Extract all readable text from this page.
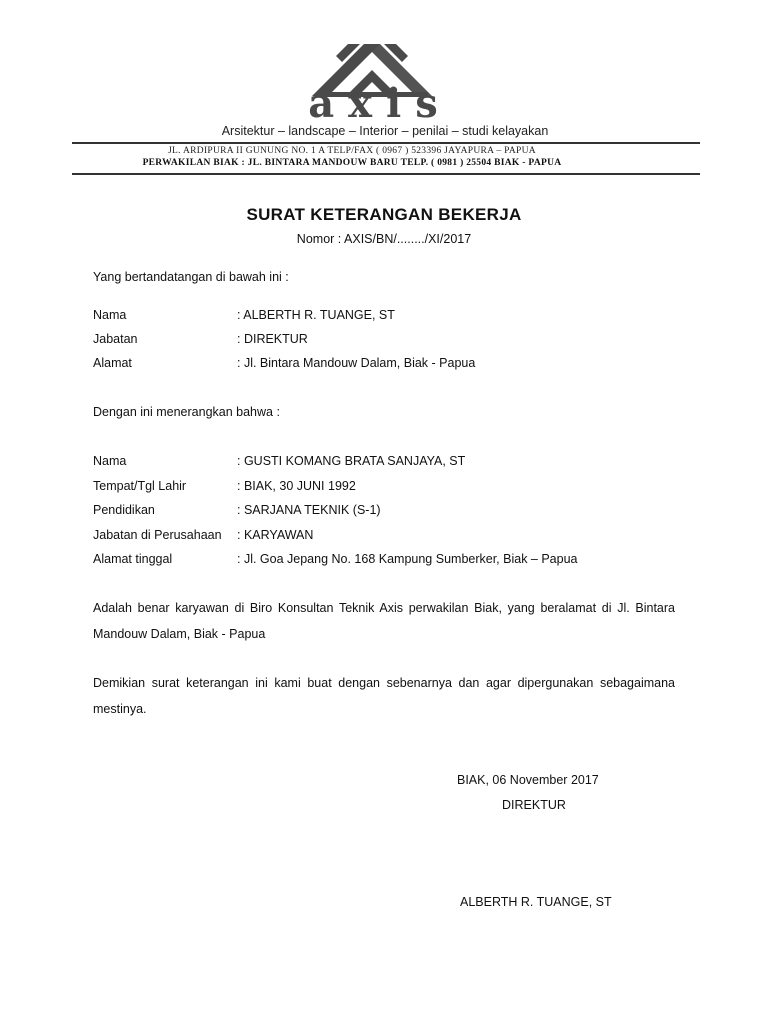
axis
Arsitektur – landscape – Interior – penilai – studi kelayakan
JL. ARDIPURA II GUNUNG NO. 1 A TELP/FAX ( 0967 ) 523396 JAYAPURA – PAPUA
PERWAKILAN BIAK : JL. BINTARA MANDOUW BARU TELP. ( 0981 ) 25504 BIAK - PAPUA
SURAT KETERANGAN BEKERJA
Nomor : AXIS/BN/......../XI/2017
Yang bertandatangan di bawah ini :
Nama	: ALBERTH R. TUANGE, ST
Jabatan	: DIREKTUR
Alamat	: Jl. Bintara Mandouw Dalam, Biak - Papua
Dengan ini menerangkan bahwa :
Nama	: GUSTI KOMANG BRATA SANJAYA, ST
Tempat/Tgl Lahir	: BIAK, 30 JUNI 1992
Pendidikan	: SARJANA TEKNIK (S-1)
Jabatan di Perusahaan : KARYAWAN
Alamat tinggal	: Jl. Goa Jepang No. 168 Kampung Sumberker, Biak – Papua
Adalah benar karyawan di Biro Konsultan Teknik Axis perwakilan Biak, yang beralamat di Jl. Bintara Mandouw Dalam, Biak - Papua
Demikian surat keterangan ini kami buat dengan sebenarnya dan agar dipergunakan sebagaimana mestinya.
BIAK, 06 November 2017
DIREKTUR
ALBERTH R. TUANGE, ST
